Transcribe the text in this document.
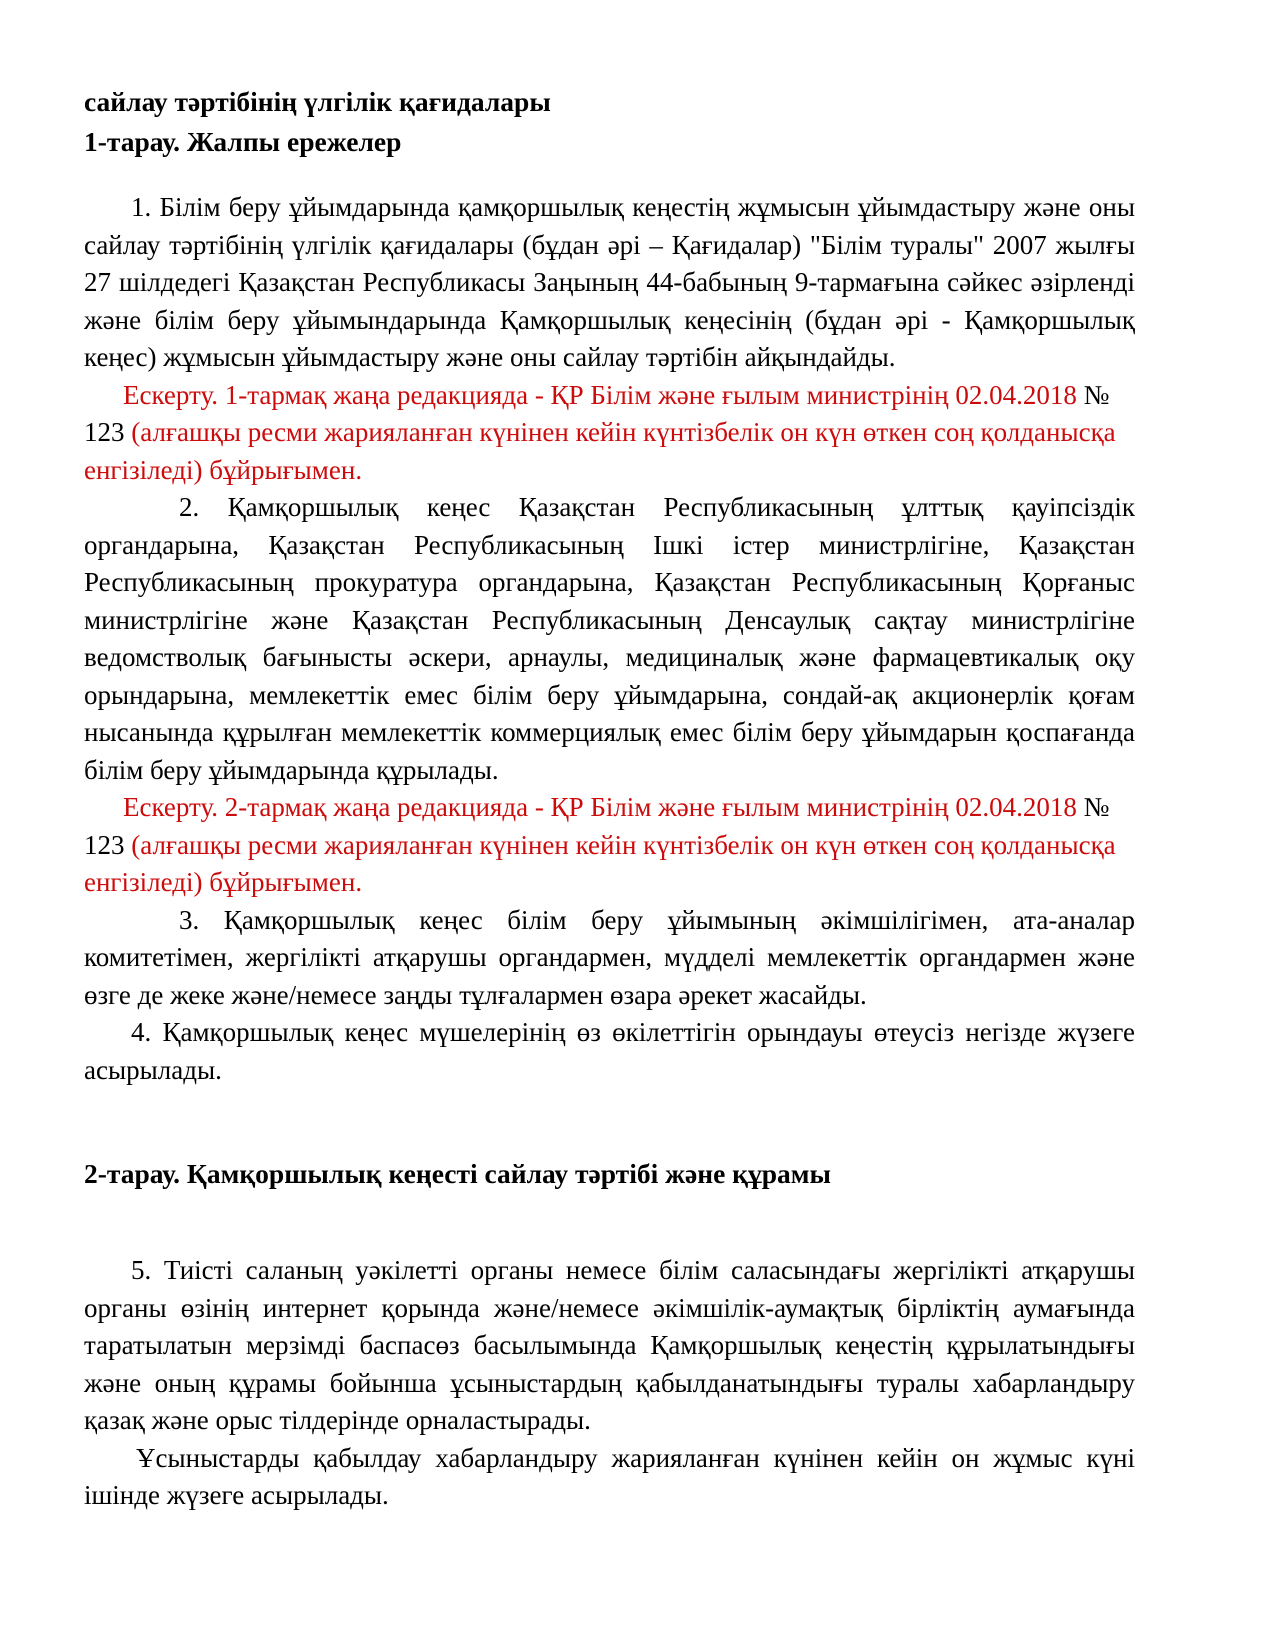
сайлау тәртібінің үлгілік қағидалары
1-тарау. Жалпы ережелер

1. Білім беру ұйымдарында қамқоршылық кеңестің жұмысын ұйымдастыру және оны сайлау тәртібінің үлгілік қағидалары (бұдан әрі – Қағидалар) "Білім туралы" 2007 жылғы 27 шілдедегі Қазақстан Республикасы Заңының 44-бабының 9-тармағына сәйкес әзірленді және білім беру ұйымындарында Қамқоршылық кеңесінің (бұдан әрі - Қамқоршылық кеңес) жұмысын ұйымдастыру және оны сайлау тәртібін айқындайды.

Ескерту. 1-тармақ жаңа редакцияда - ҚР Білім және ғылым министрінің 02.04.2018 № 123 (алғашқы ресми жарияланған күнінен кейін күнтізбелік он күн өткен соң қолданысқа енгізіледі) бұйрығымен.

2. Қамқоршылық кеңес Қазақстан Республикасының ұлттық қауіпсіздік органдарына, Қазақстан Республикасының Ішкі істер министрлігіне, Қазақстан Республикасының прокуратура органдарына, Қазақстан Республикасының Қорғаныс министрлігіне және Қазақстан Республикасының Денсаулық сақтау министрлігіне ведомстволық бағынысты әскери, арнаулы, медициналық және фармацевтикалық оқу орындарына, мемлекеттік емес білім беру ұйымдарына, сондай-ақ акционерлік қоғам нысанында құрылған мемлекеттік коммерциялық емес білім беру ұйымдарын қоспағанда білім беру ұйымдарында құрылады.

Ескерту. 2-тармақ жаңа редакцияда - ҚР Білім және ғылым министрінің 02.04.2018 № 123 (алғашқы ресми жарияланған күнінен кейін күнтізбелік он күн өткен соң қолданысқа енгізіледі) бұйрығымен.

3. Қамқоршылық кеңес білім беру ұйымының әкімшілігімен, ата-аналар комитетімен, жергілікті атқарушы органдармен, мүдделі мемлекеттік органдармен және өзге де жеке және/немесе заңды тұлғалармен өзара әрекет жасайды.

4. Қамқоршылық кеңес мүшелерінің өз өкілеттігін орындауы өтеусіз негізде жүзеге асырылады.

2-тарау. Қамқоршылық кеңесті сайлау тәртібі және құрамы

5. Тиісті саланың уәкілетті органы немесе білім саласындағы жергілікті атқарушы органы өзінің интернет қорында және/немесе әкімшілік-аумақтық бірліктің аумағында таратылатын мерзімді баспасөз басылымында Қамқоршылық кеңестің құрылатындығы және оның құрамы бойынша ұсыныстардың қабылданатындығы туралы хабарландыру қазақ және орыс тілдерінде орналастырады.

Ұсыныстарды қабылдау хабарландыру жарияланған күнінен кейін он жұмыс күні ішінде жүзеге асырылады.
